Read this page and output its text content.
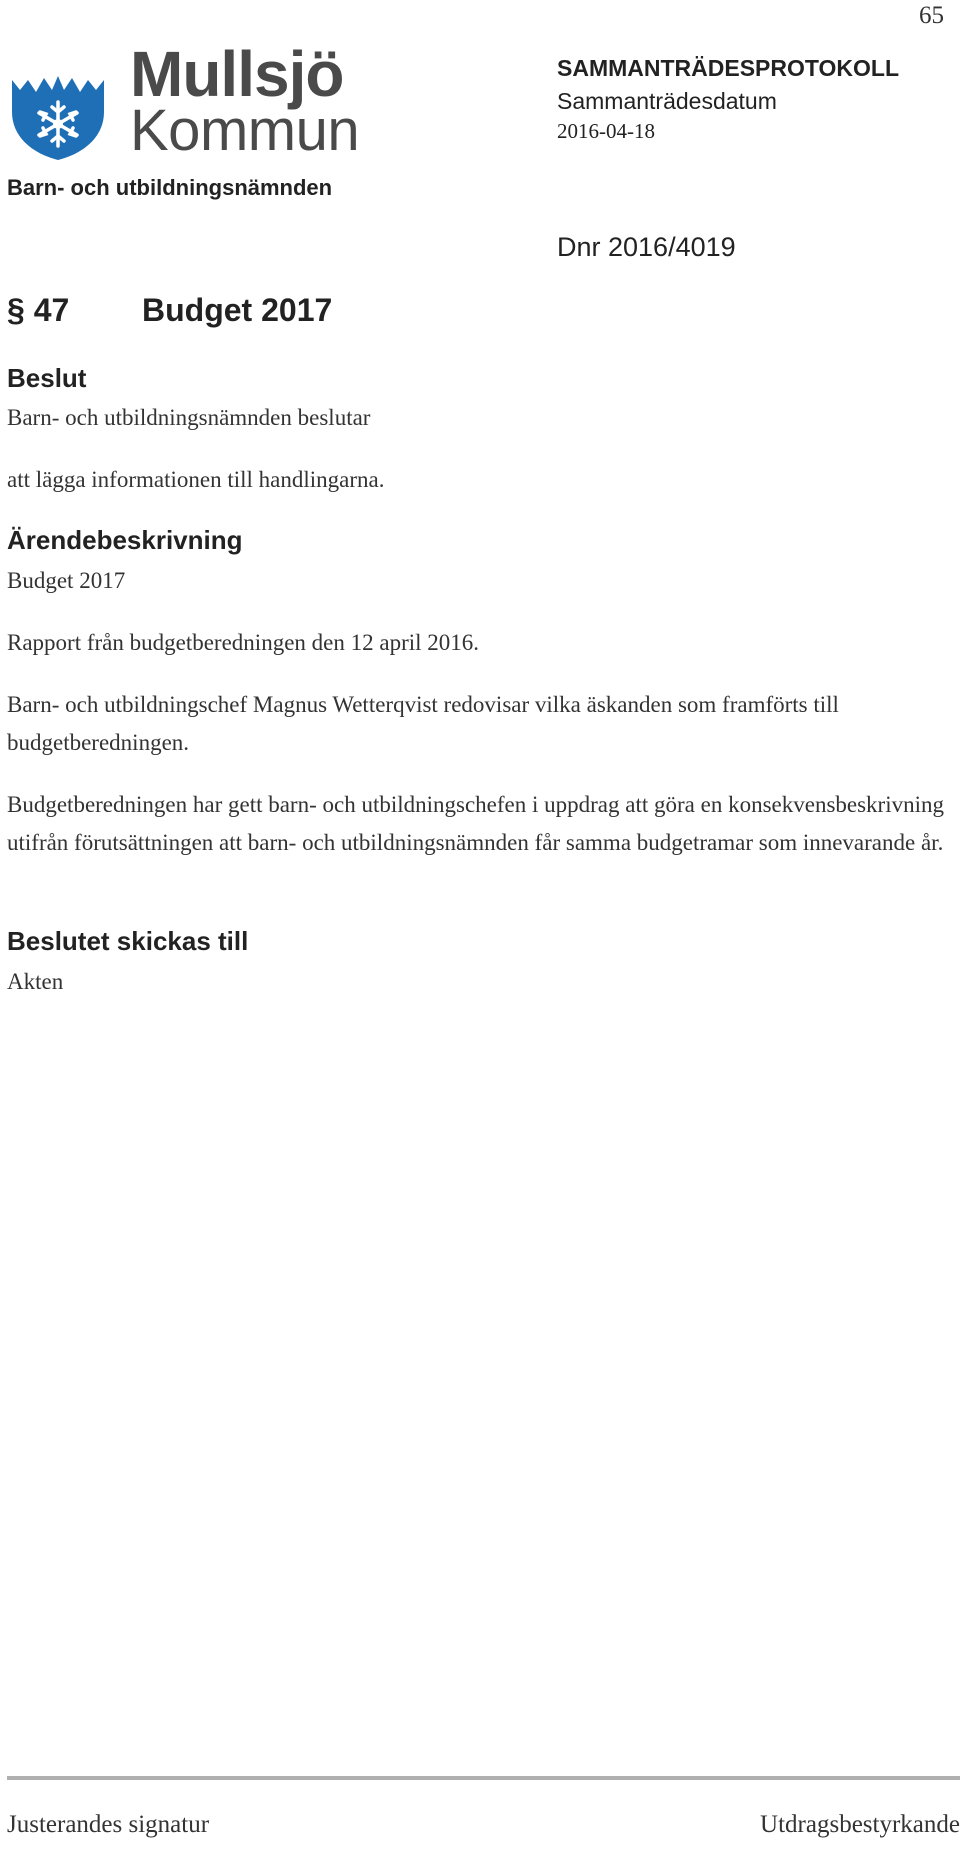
65
Mullsjö
Kommun
SAMMANTRÄDESPROTOKOLL
Sammanträdesdatum
2016-04-18
Barn- och utbildningsnämnden
Dnr 2016/4019
§ 47 Budget 2017
Beslut

Barn- och utbildningsnämnden beslutar

att lägga informationen till handlingarna.

Ärendebeskrivning

Budget 2017

Rapport från budgetberedningen den 12 april 2016.

Barn- och utbildningschef Magnus Wetterqvist redovisar vilka äskanden som framförts till budgetberedningen.

Budgetberedningen har gett barn- och utbildningschefen i uppdrag att göra en konsekvensbeskrivning utifrån förutsättningen att barn- och utbildningsnämnden får samma budgetramar som innevarande år.

Beslutet skickas till

Akten

Justerandes signatur	Utdragsbestyrkande
